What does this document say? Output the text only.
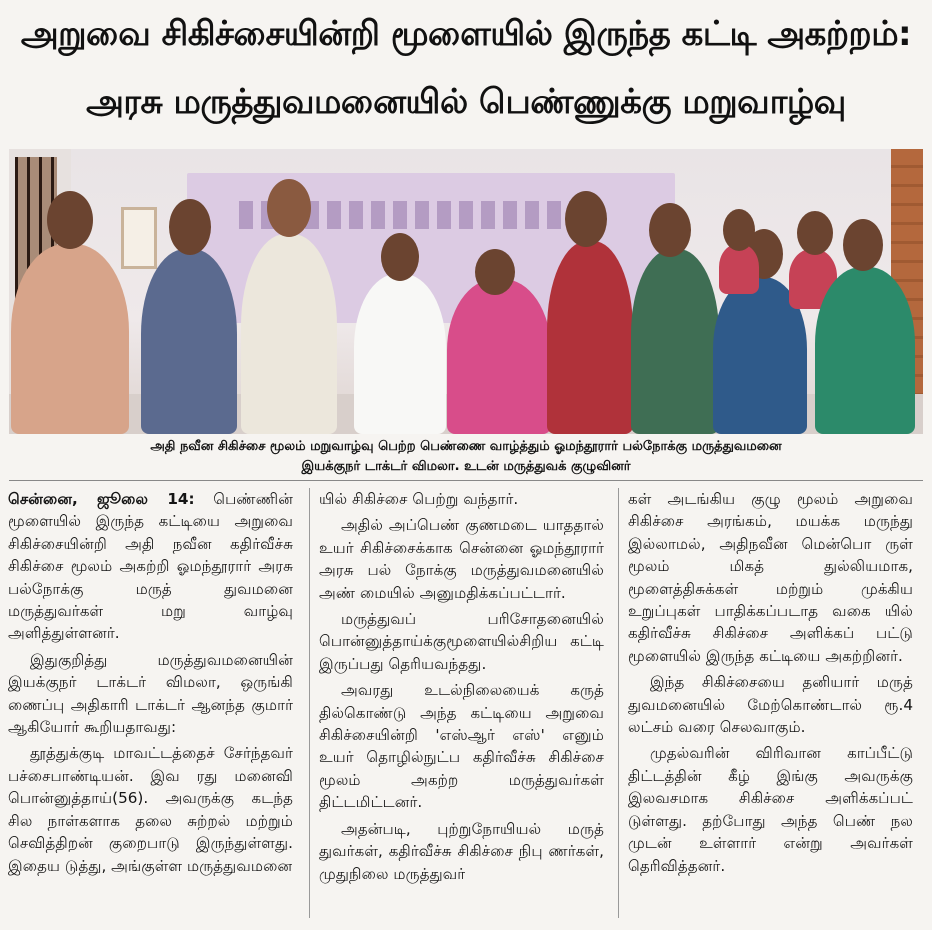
அறுவை சிகிச்சையின்றி மூளையில் இருந்த கட்டி அகற்றம்:
அரசு மருத்துவமனையில் பெண்ணுக்கு மறுவாழ்வு
அதி நவீன சிகிச்சை மூலம் மறுவாழ்வு பெற்ற பெண்ணை வாழ்த்தும் ஓமந்தூரார் பல்நோக்கு மருத்துவமனை
இயக்குநர் டாக்டர் விமலா. உடன் மருத்துவக் குழுவினர்

சென்னை, ஜூலை 14: பெண்ணின் மூளையில் இருந்த கட்டியை அறுவை சிகிச்சையின்றி அதி நவீன கதிர்வீச்சு சிகிச்சை மூலம் அகற்றி ஓமந்தூரார் அரசு பல்நோக்கு மருத் துவமனை மருத்துவர்கள் மறு வாழ்வு அளித்துள்ளனர்.

இதுகுறித்து மருத்துவமனையின் இயக்குநர் டாக்டர் விமலா, ஒருங்கி ணைப்பு அதிகாரி டாக்டர் ஆனந்த குமார் ஆகியோர் கூறியதாவது:

தூத்துக்குடி மாவட்டத்தைச் சேர்ந்தவர் பச்சைபாண்டியன். இவ ரது மனைவி பொன்னுத்தாய்(56). அவருக்கு கடந்த சில நாள்களாக தலை சுற்றல் மற்றும் செவித்திறன் குறைபாடு இருந்துள்ளது. இதைய டுத்து, அங்குள்ள மருத்துவமனை

யில் சிகிச்சை பெற்று வந்தார்.

அதில் அப்பெண் குணமடை யாததால் உயர் சிகிச்சைக்காக சென்னை ஓமந்தூரார் அரசு பல் நோக்கு மருத்துவமனையில் அண் மையில் அனுமதிக்கப்பட்டார்.

மருத்துவப் பரிசோதனையில் பொன்னுத்தாய்க்குமூளையில்சிறிய கட்டி இருப்பது தெரியவந்தது.

அவரது உடல்நிலையைக் கருத் தில்கொண்டு அந்த கட்டியை அறுவை சிகிச்சையின்றி 'எஸ்ஆர் எஸ்' எனும் உயர் தொழில்நுட்ப கதிர்வீச்சு சிகிச்சை மூலம் அகற்ற மருத்துவர்கள் திட்டமிட்டனர்.

அதன்படி, புற்றுநோயியல் மருத் துவர்கள், கதிர்வீச்சு சிகிச்சை நிபு ணர்கள், முதுநிலை மருத்துவர்

கள் அடங்கிய குழு மூலம் அறுவை சிகிச்சை அரங்கம், மயக்க மருந்து இல்லாமல், அதிநவீன மென்பொ ருள் மூலம் மிகத் துல்லியமாக, மூளைத்திசுக்கள் மற்றும் முக்கிய உறுப்புகள் பாதிக்கப்படாத வகை யில் கதிர்வீச்சு சிகிச்சை அளிக்கப் பட்டு மூளையில் இருந்த கட்டியை அகற்றினர்.

இந்த சிகிச்சையை தனியார் மருத் துவமனையில் மேற்கொண்டால் ரூ.4 லட்சம் வரை செலவாகும்.

முதல்வரின் விரிவான காப்பீட்டு திட்டத்தின் கீழ் இங்கு அவருக்கு இலவசமாக சிகிச்சை அளிக்கப்பட் டுள்ளது. தற்போது அந்த பெண் நல முடன் உள்ளார் என்று அவர்கள் தெரிவித்தனர்.
